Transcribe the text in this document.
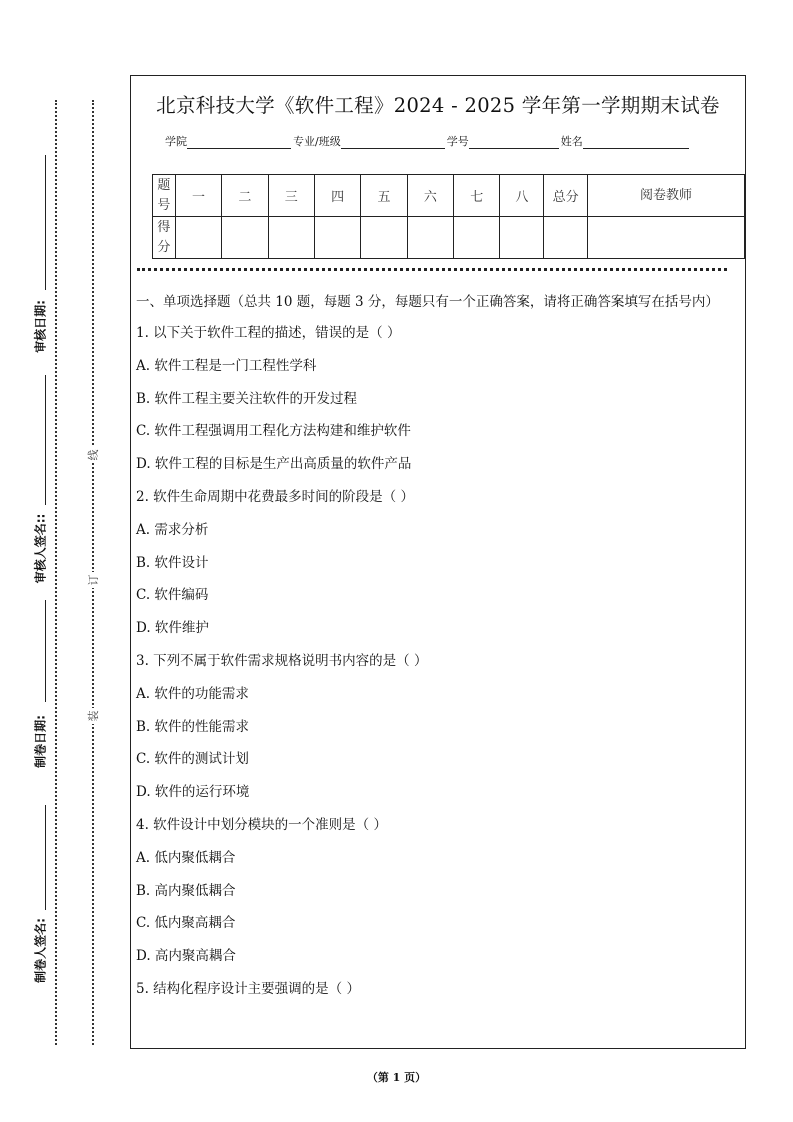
装
订
线
制卷人签名:
制卷日期:
审核人签名::
审核日期:
北京科技大学《软件工程》2024 - 2025 学年第一学期期末试卷
学院	专业/班级	学号	姓名
题号	一	二	三	四	五	六	七	八	总分	阅卷教师
得分										
一、单项选择题（总共 10 题，每题 3 分，每题只有一个正确答案，请将正确答案填写在括号内）
1. 以下关于软件工程的描述，错误的是（ ）
A. 软件工程是一门工程性学科
B. 软件工程主要关注软件的开发过程
C. 软件工程强调用工程化方法构建和维护软件
D. 软件工程的目标是生产出高质量的软件产品
2. 软件生命周期中花费最多时间的阶段是（ ）
A. 需求分析
B. 软件设计
C. 软件编码
D. 软件维护
3. 下列不属于软件需求规格说明书内容的是（ ）
A. 软件的功能需求
B. 软件的性能需求
C. 软件的测试计划
D. 软件的运行环境
4. 软件设计中划分模块的一个准则是（ ）
A. 低内聚低耦合
B. 高内聚低耦合
C. 低内聚高耦合
D. 高内聚高耦合
5. 结构化程序设计主要强调的是（ ）
（第 1 页）
